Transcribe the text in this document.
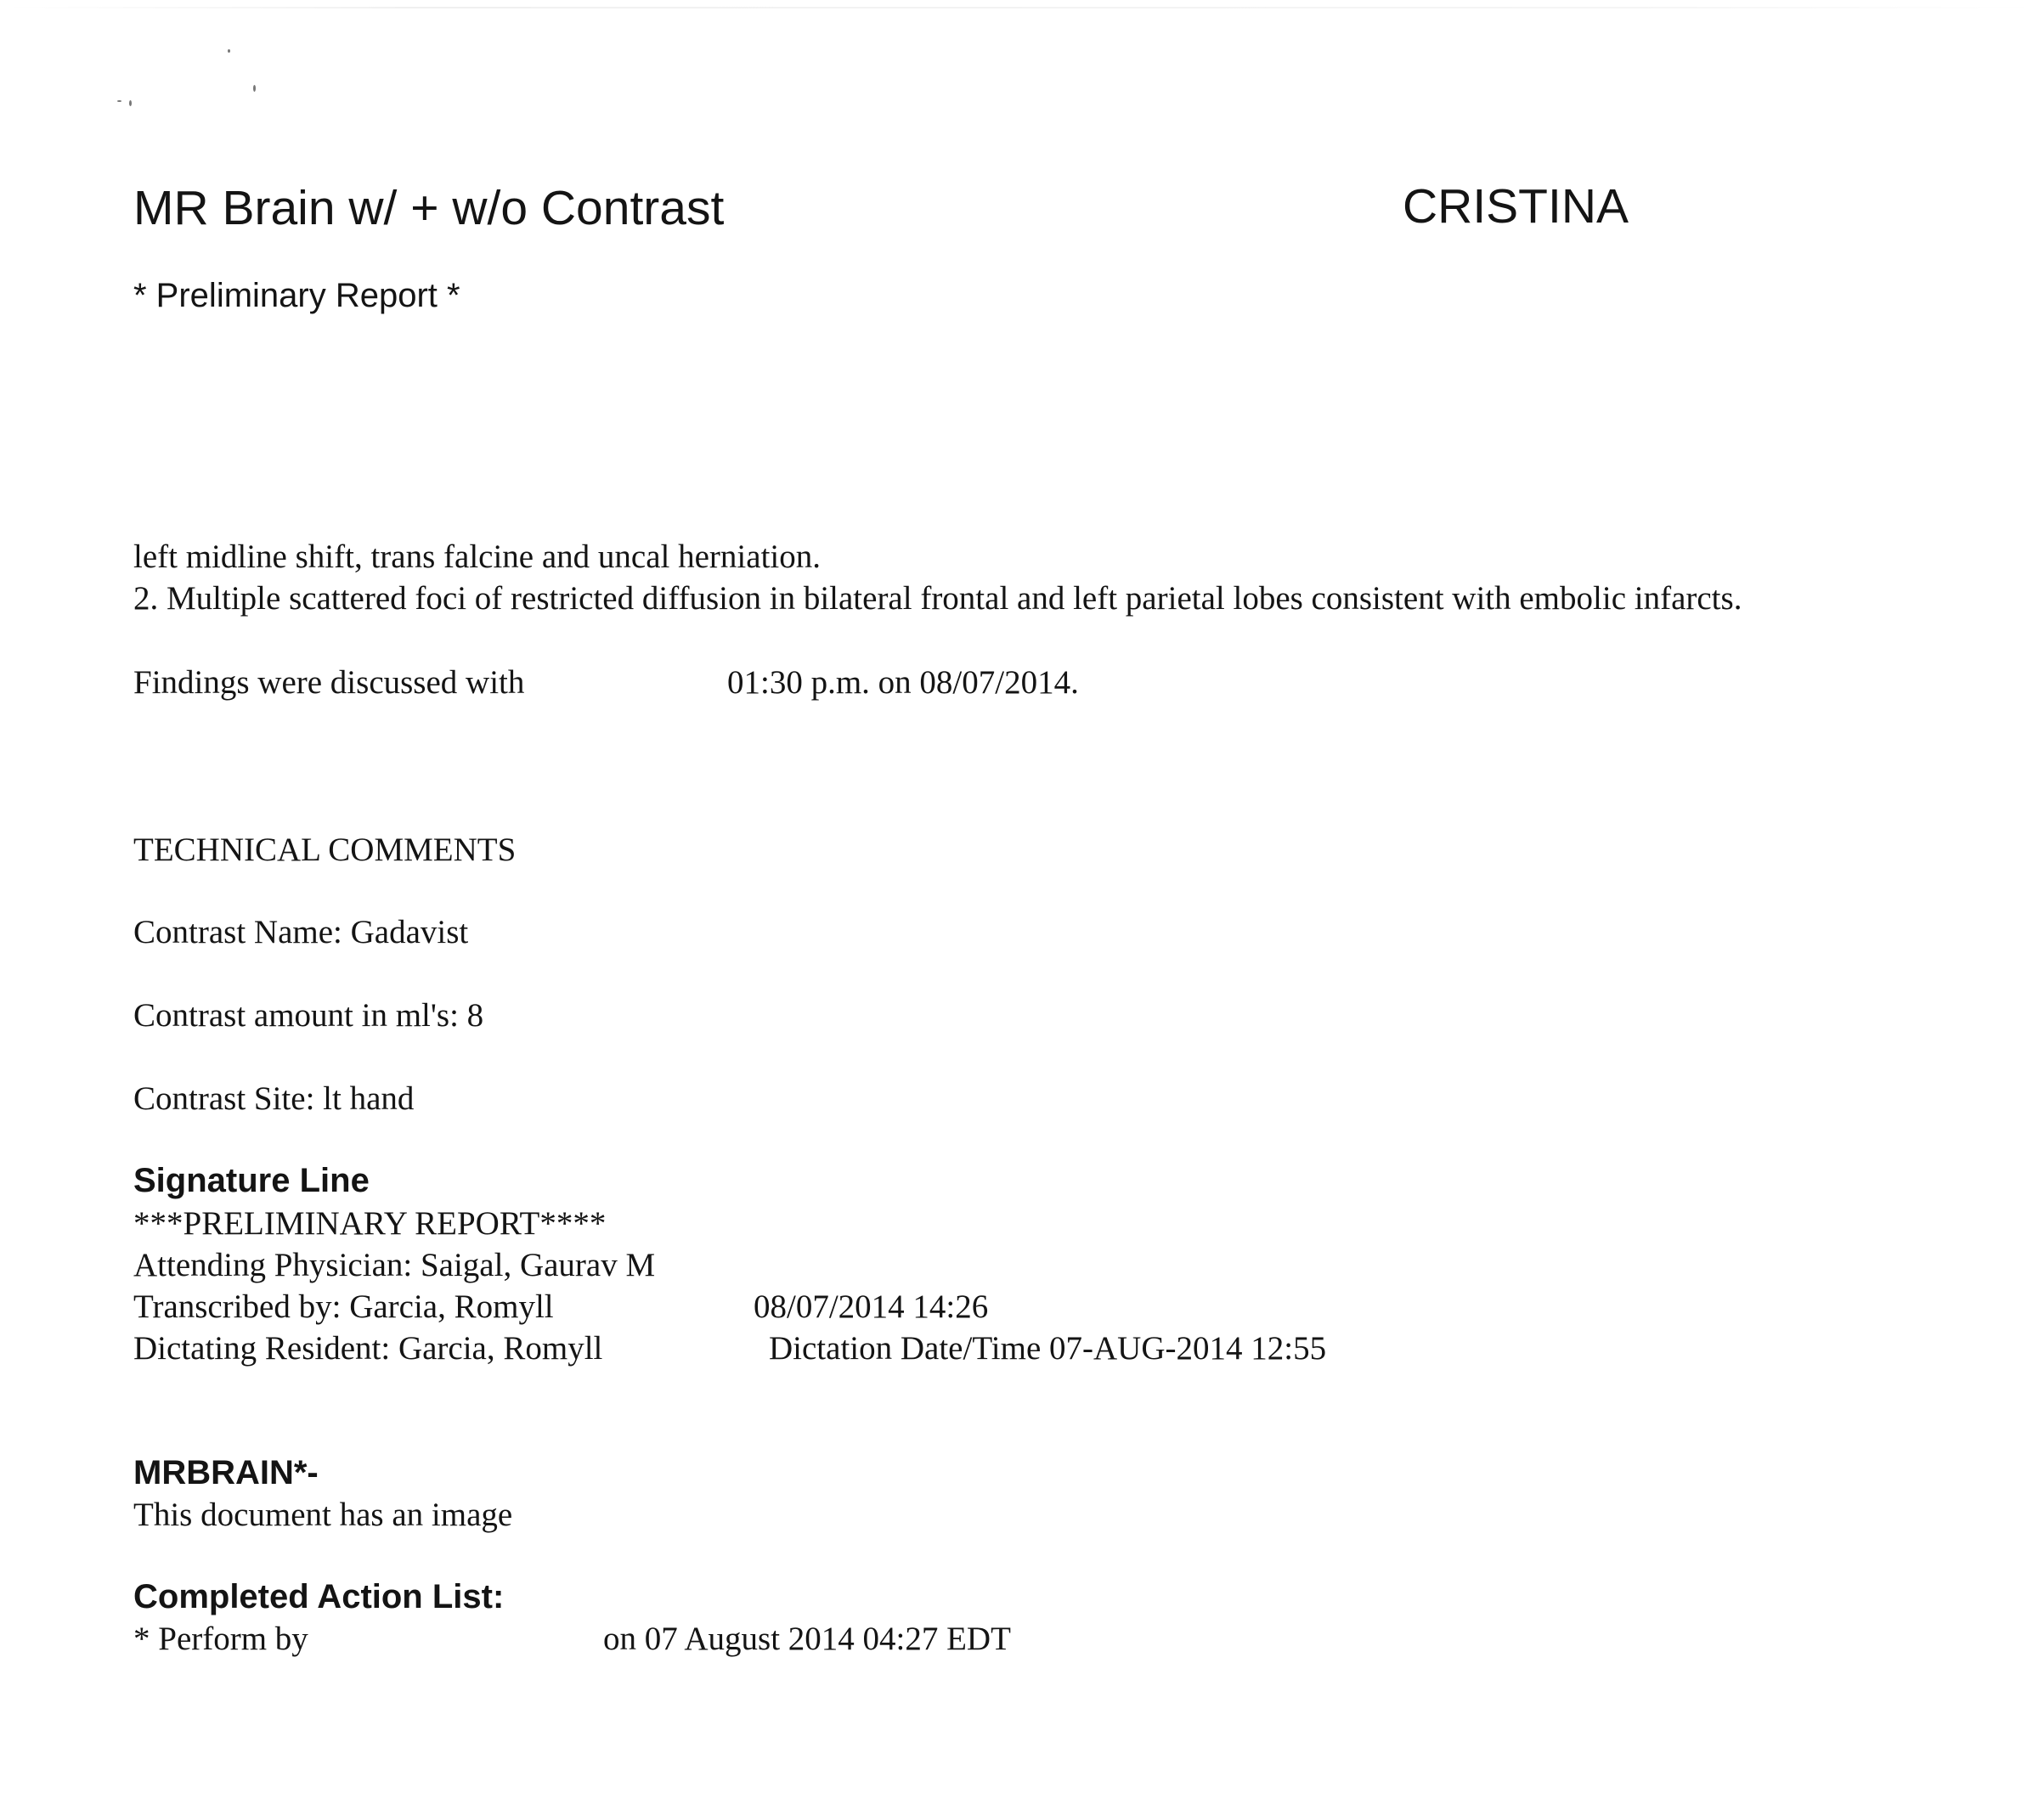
MR Brain w/ + w/o Contrast	CRISTINA
* Preliminary Report *
left midline shift, trans falcine and uncal herniation.
2. Multiple scattered foci of restricted diffusion in bilateral frontal and left parietal lobes consistent with embolic infarcts.
Findings were discussed with	01:30 p.m. on 08/07/2014.
TECHNICAL COMMENTS
Contrast Name: Gadavist
Contrast amount in ml's: 8
Contrast Site: lt hand
Signature Line
***PRELIMINARY REPORT****
Attending Physician: Saigal, Gaurav M
Transcribed by: Garcia, Romyll	08/07/2014 14:26
Dictating Resident: Garcia, Romyll	Dictation Date/Time 07-AUG-2014 12:55
MRBRAIN*-
This document has an image
Completed Action List:
* Perform by	on 07 August 2014 04:27 EDT
